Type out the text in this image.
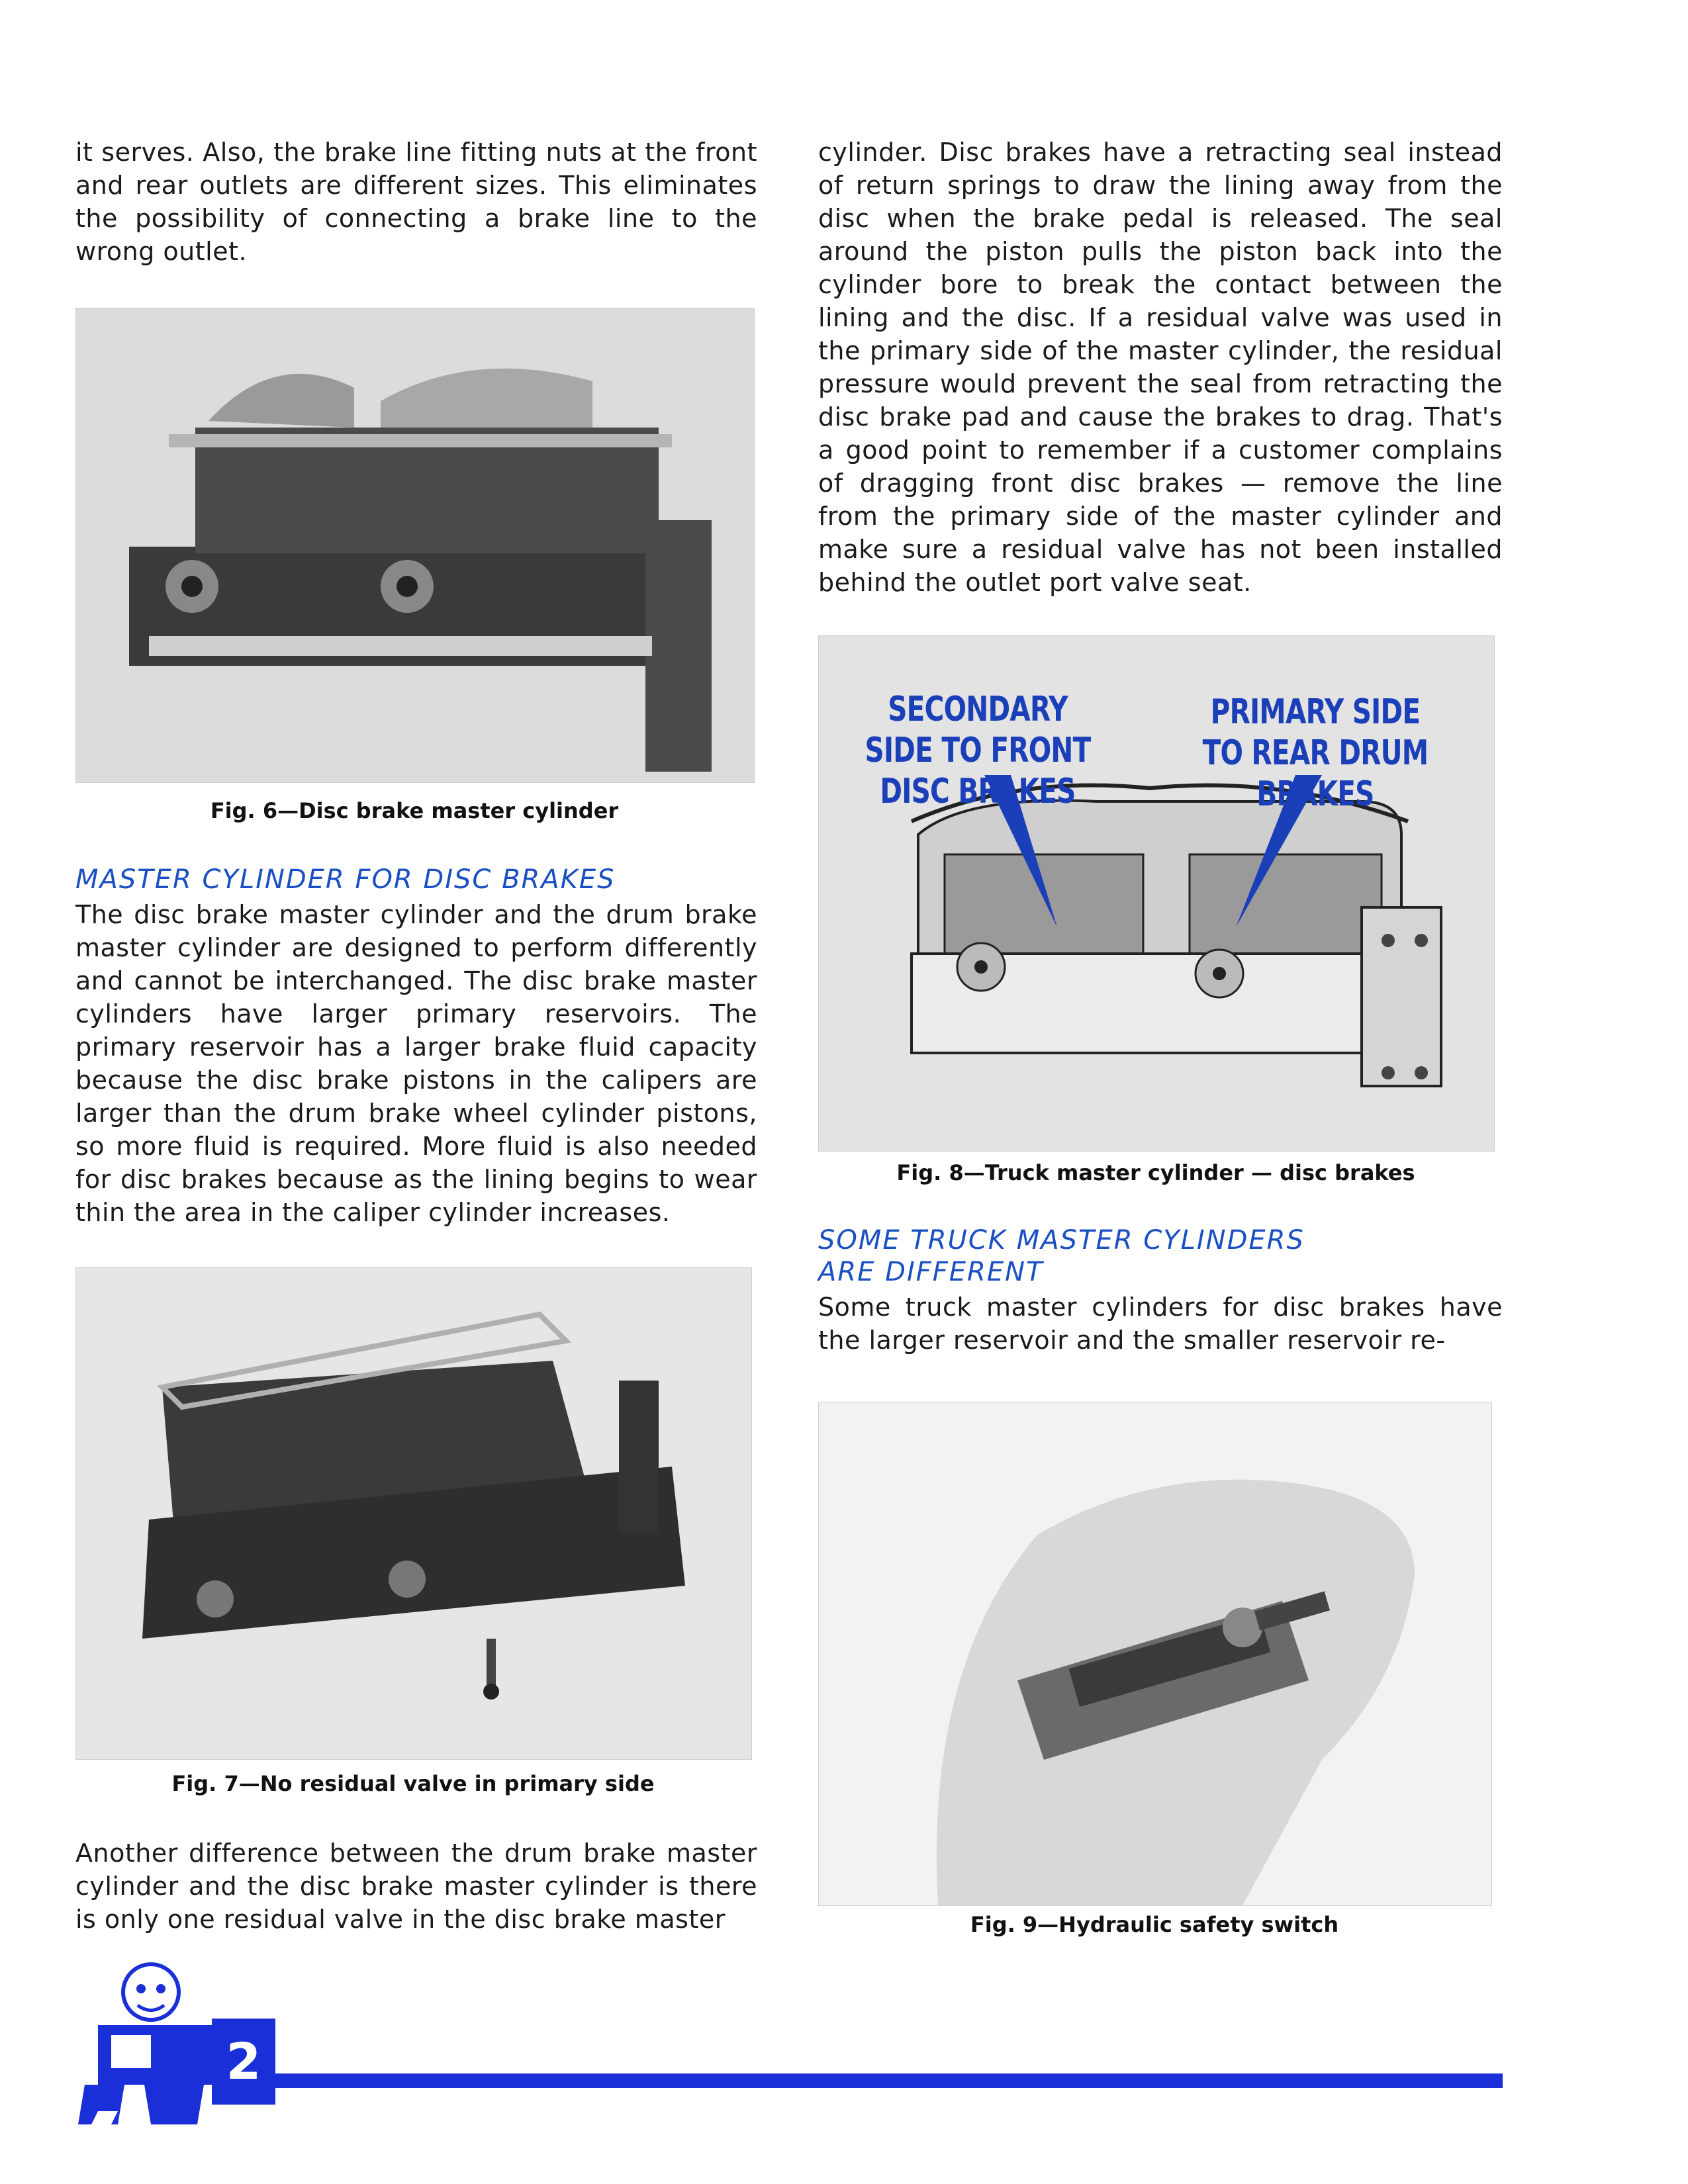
it serves. Also, the brake line fitting nuts at the front and rear outlets are different sizes. This eliminates the possibility of connecting a brake line to the wrong outlet.

Fig. 6—Disc brake master cylinder
MASTER CYLINDER FOR DISC BRAKES

The disc brake master cylinder and the drum brake master cylinder are designed to perform differently and cannot be interchanged. The disc brake master cylinders have larger primary reservoirs. The primary reservoir has a larger brake fluid capacity because the disc brake pistons in the calipers are larger than the drum brake wheel cylinder pistons, so more fluid is required. More fluid is also needed for disc brakes because as the lining begins to wear thin the area in the caliper cylinder increases.

Fig. 7—No residual valve in primary side

Another difference between the drum brake master cylinder and the disc brake master cylinder is there is only one residual valve in the disc brake master

cylinder. Disc brakes have a retracting seal instead of return springs to draw the lining away from the disc when the brake pedal is released. The seal around the piston pulls the piston back into the cylinder bore to break the contact between the lining and the disc. If a residual valve was used in the primary side of the master cylinder, the residual pressure would prevent the seal from retracting the disc brake pad and cause the brakes to drag. That's a good point to remember if a customer complains of dragging front disc brakes — remove the line from the primary side of the master cylinder and make sure a residual valve has not been installed behind the outlet port valve seat.

SECONDARY SIDE TO FRONT DISC BRAKES
PRIMARY SIDE TO REAR DRUM BRAKES
Fig. 8—Truck master cylinder — disc brakes
SOME TRUCK MASTER CYLINDERS ARE DIFFERENT

Some truck master cylinders for disc brakes have the larger reservoir and the smaller reservoir re-

Fig. 9—Hydraulic safety switch
2
